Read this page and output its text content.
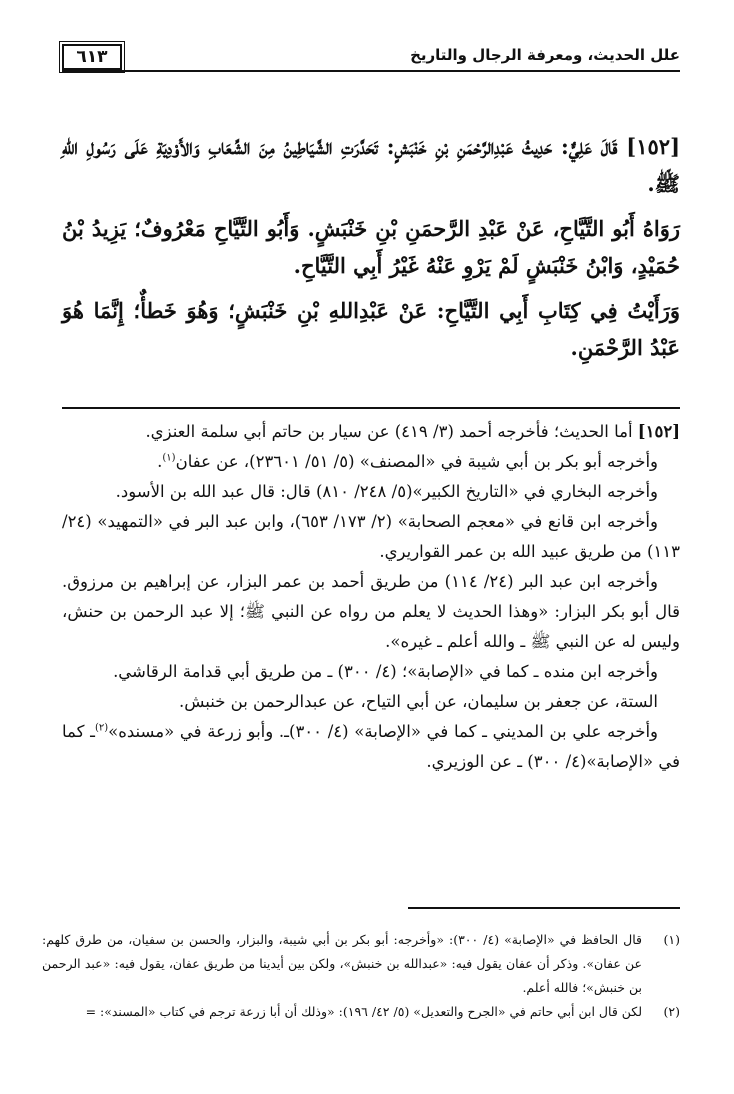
٦١٣	علل الحديث، ومعرفة الرجال والتاريخ

[١٥٢] قَالَ عَلِيٌّ: حَدِيثُ عَبْدِالرَّحْمَنِ بْنِ خَنْبَشٍ: تَحَدَّرَتِ الشَّيَاطِينُ مِنَ الشِّعَابِ وَالأَوْدِيَةِ عَلَى رَسُولِ اللهِ ﷺ.

رَوَاهُ أَبُو التَّيَّاحِ، عَنْ عَبْدِ الرَّحمَنِ بْنِ خَنْبَشٍ. وَأَبُو التَّيَّاحِ مَعْرُوفٌ؛ يَزِيدُ بْنُ حُمَيْدٍ، وَابْنُ خَنْبَشٍ لَمْ يَرْوِ عَنْهُ غَيْرُ أَبِي التَّيَّاحِ.

وَرَأَيْتُ فِي كِتَابِ أَبِي التَّيَّاحِ: عَنْ عَبْدِاللهِ بْنِ خَنْبَشٍ؛ وَهُوَ خَطأٌ؛ إِنَّمَا هُوَ عَبْدُ الرَّحْمَنِ.

[١٥٢] أما الحديث؛ فأخرجه أحمد (٣/ ٤١٩) عن سيار بن حاتم أبي سلمة العنزي.

وأخرجه أبو بكر بن أبي شيبة في «المصنف» (٥/ ٥١/ ٢٣٦٠١)، عن عفان$^{(١)}$.

وأخرجه البخاري في «التاريخ الكبير»(٥/ ٢٤٨/ ٨١٠) قال: قال عبد الله بن الأسود.

وأخرجه ابن قانع في «معجم الصحابة» (٢/ ١٧٣/ ٦٥٣)، وابن عبد البر في «التمهيد» (٢٤/ ١١٣) من طريق عبيد الله بن عمر القواريري.

وأخرجه ابن عبد البر (٢٤/ ١١٤) من طريق أحمد بن عمر البزار، عن إبراهيم بن مرزوق. قال أبو بكر البزار: «وهذا الحديث لا يعلم من رواه عن النبي ﷺ؛ إلا عبد الرحمن بن حنش، وليس له عن النبي ﷺ ـ والله أعلم ـ غيره».

وأخرجه ابن منده ـ كما في «الإصابة»؛ (٤/ ٣٠٠) ـ من طريق أبي قدامة الرقاشي.

الستة، عن جعفر بن سليمان، عن أبي التياح، عن عبدالرحمن بن خنبش.

وأخرجه علي بن المديني ـ كما في «الإصابة» (٤/ ٣٠٠)ـ. وأبو زرعة في «مسنده»$^{(٢)}$ـ كما في «الإصابة»(٤/ ٣٠٠) ـ عن الوزيري.

(١)
قال الحافظ في «الإصابة» (٤/ ٣٠٠): «وأخرجه: أبو بكر بن أبي شيبة، والبزار، والحسن بن سفيان، من طرق كلهم: عن عفان». وذكر أن عفان يقول فيه: «عبدالله بن خنبش»، ولكن بين أيدينا من طريق عفان، يقول فيه: «عبد الرحمن بن خنبش»؛ فالله أعلم.
(٢)
لكن قال ابن أبي حاتم في «الجرح والتعديل» (٥/ ٤٢/ ١٩٦): «وذلك أن أبا زرعة ترجم في كتاب «المسند»: =
